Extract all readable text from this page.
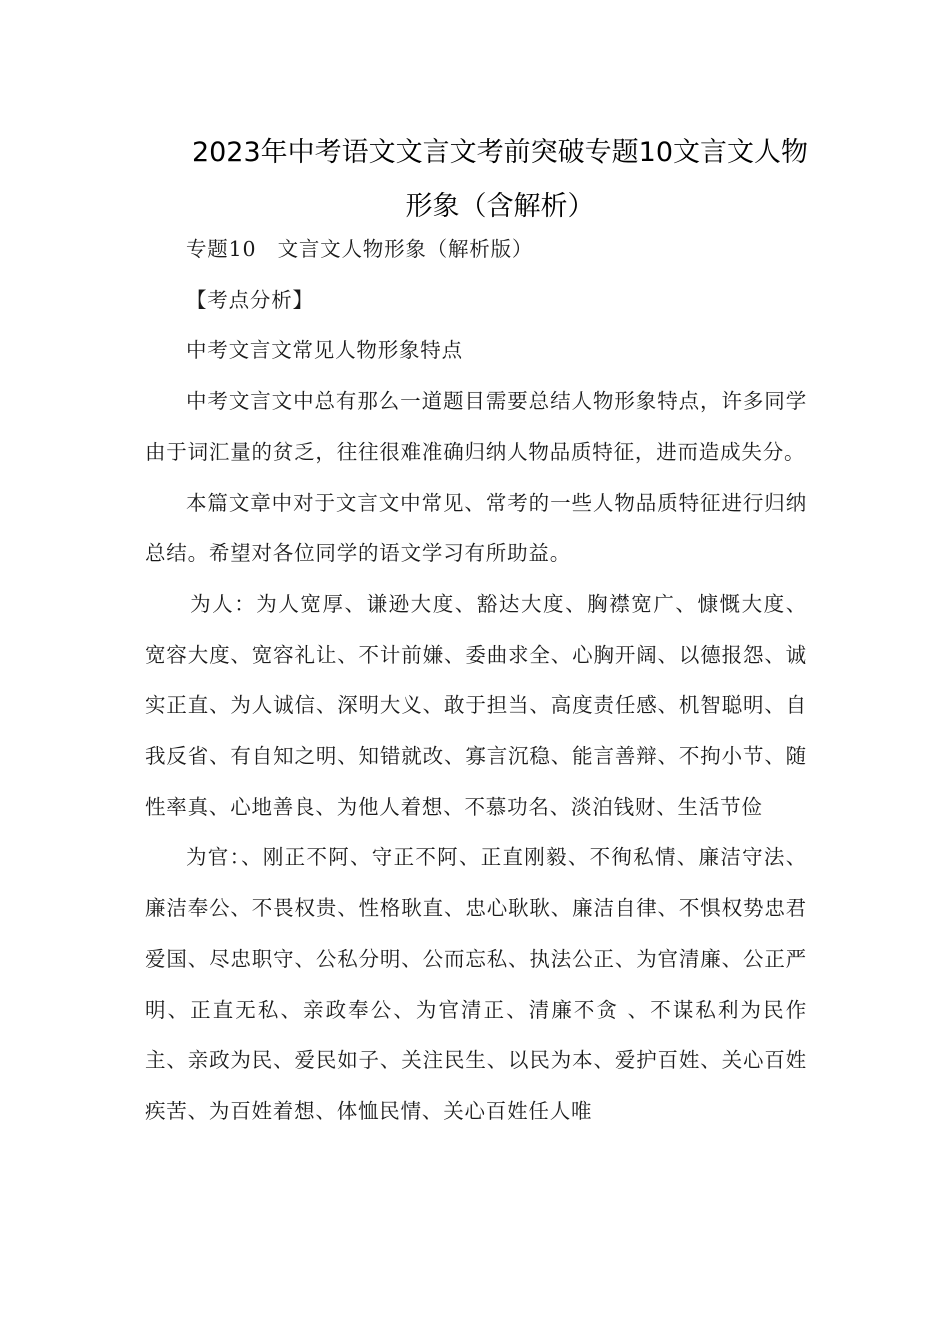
2023年中考语文文言文考前突破专题10文言文人物
形象（含解析）

专题10　文言文人物形象（解析版）

【考点分析】

中考文言文常见人物形象特点

中考文言文中总有那么一道题目需要总结人物形象特点，许多同学由于词汇量的贫乏，往往很难准确归纳人物品质特征，进而造成失分。

本篇文章中对于文言文中常见、常考的一些人物品质特征进行归纳总结。希望对各位同学的语文学习有所助益。

为人：为人宽厚、谦逊大度、豁达大度、胸襟宽广、慷慨大度、宽容大度、宽容礼让、不计前嫌、委曲求全、心胸开阔、以德报怨、诚实正直、为人诚信、深明大义、敢于担当、高度责任感、机智聪明、自我反省、有自知之明、知错就改、寡言沉稳、能言善辩、不拘小节、随性率真、心地善良、为他人着想、不慕功名、淡泊钱财、生活节俭

为官：、刚正不阿、守正不阿、正直刚毅、不徇私情、廉洁守法、廉洁奉公、不畏权贵、性格耿直、忠心耿耿、廉洁自律、不惧权势忠君爱国、尽忠职守、公私分明、公而忘私、执法公正、为官清廉、公正严明、正直无私、亲政奉公、为官清正、清廉不贪 、不谋私利为民作主、亲政为民、爱民如子、关注民生、以民为本、爱护百姓、关心百姓疾苦、为百姓着想、体恤民情、关心百姓任人唯
